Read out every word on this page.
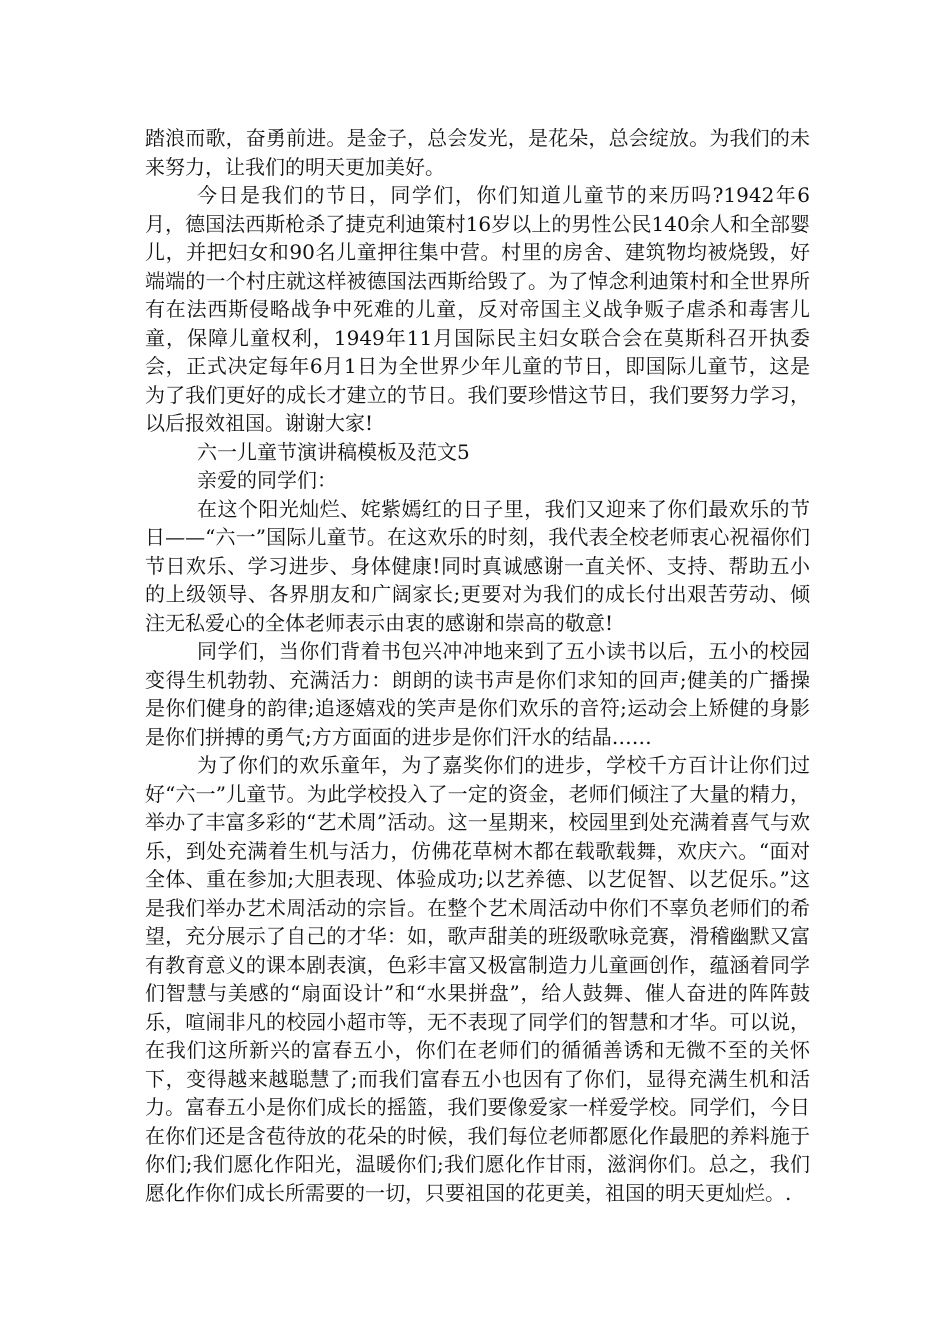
踏浪而歌，奋勇前进。是金子，总会发光，是花朵，总会绽放。为我们的未来努力，让我们的明天更加美好。

今日是我们的节日，同学们，你们知道儿童节的来历吗?1942年6月，德国法西斯枪杀了捷克利迪策村16岁以上的男性公民140余人和全部婴儿，并把妇女和90名儿童押往集中营。村里的房舍、建筑物均被烧毁，好端端的一个村庄就这样被德国法西斯给毁了。为了悼念利迪策村和全世界所有在法西斯侵略战争中死难的儿童，反对帝国主义战争贩子虐杀和毒害儿童，保障儿童权利，1949年11月国际民主妇女联合会在莫斯科召开执委会，正式决定每年6月1日为全世界少年儿童的节日，即国际儿童节，这是为了我们更好的成长才建立的节日。我们要珍惜这节日，我们要努力学习，以后报效祖国。谢谢大家!

六一儿童节演讲稿模板及范文5

亲爱的同学们：

在这个阳光灿烂、姹紫嫣红的日子里，我们又迎来了你们最欢乐的节日——“六一”国际儿童节。在这欢乐的时刻，我代表全校老师衷心祝福你们节日欢乐、学习进步、身体健康!同时真诚感谢一直关怀、支持、帮助五小的上级领导、各界朋友和广阔家长;更要对为我们的成长付出艰苦劳动、倾注无私爱心的全体老师表示由衷的感谢和崇高的敬意!

同学们，当你们背着书包兴冲冲地来到了五小读书以后，五小的校园变得生机勃勃、充满活力：朗朗的读书声是你们求知的回声;健美的广播操是你们健身的韵律;追逐嬉戏的笑声是你们欢乐的音符;运动会上矫健的身影是你们拼搏的勇气;方方面面的进步是你们汗水的结晶……

为了你们的欢乐童年，为了嘉奖你们的进步，学校千方百计让你们过好“六一”儿童节。为此学校投入了一定的资金，老师们倾注了大量的精力，举办了丰富多彩的“艺术周”活动。这一星期来，校园里到处充满着喜气与欢乐，到处充满着生机与活力，仿佛花草树木都在载歌载舞，欢庆六。“面对全体、重在参加;大胆表现、体验成功;以艺养德、以艺促智、以艺促乐。”这是我们举办艺术周活动的宗旨。在整个艺术周活动中你们不辜负老师们的希望，充分展示了自己的才华：如，歌声甜美的班级歌咏竞赛，滑稽幽默又富有教育意义的课本剧表演，色彩丰富又极富制造力儿童画创作，蕴涵着同学们智慧与美感的“扇面设计”和“水果拼盘”，给人鼓舞、催人奋进的阵阵鼓乐，喧闹非凡的校园小超市等，无不表现了同学们的智慧和才华。可以说，在我们这所新兴的富春五小，你们在老师们的循循善诱和无微不至的关怀下，变得越来越聪慧了;而我们富春五小也因有了你们，显得充满生机和活力。富春五小是你们成长的摇篮，我们要像爱家一样爱学校。同学们，今日在你们还是含苞待放的花朵的时候，我们每位老师都愿化作最肥的养料施于你们;我们愿化作阳光，温暖你们;我们愿化作甘雨，滋润你们。总之，我们愿化作你们成长所需要的一切，只要祖国的花更美，祖国的明天更灿烂。.
